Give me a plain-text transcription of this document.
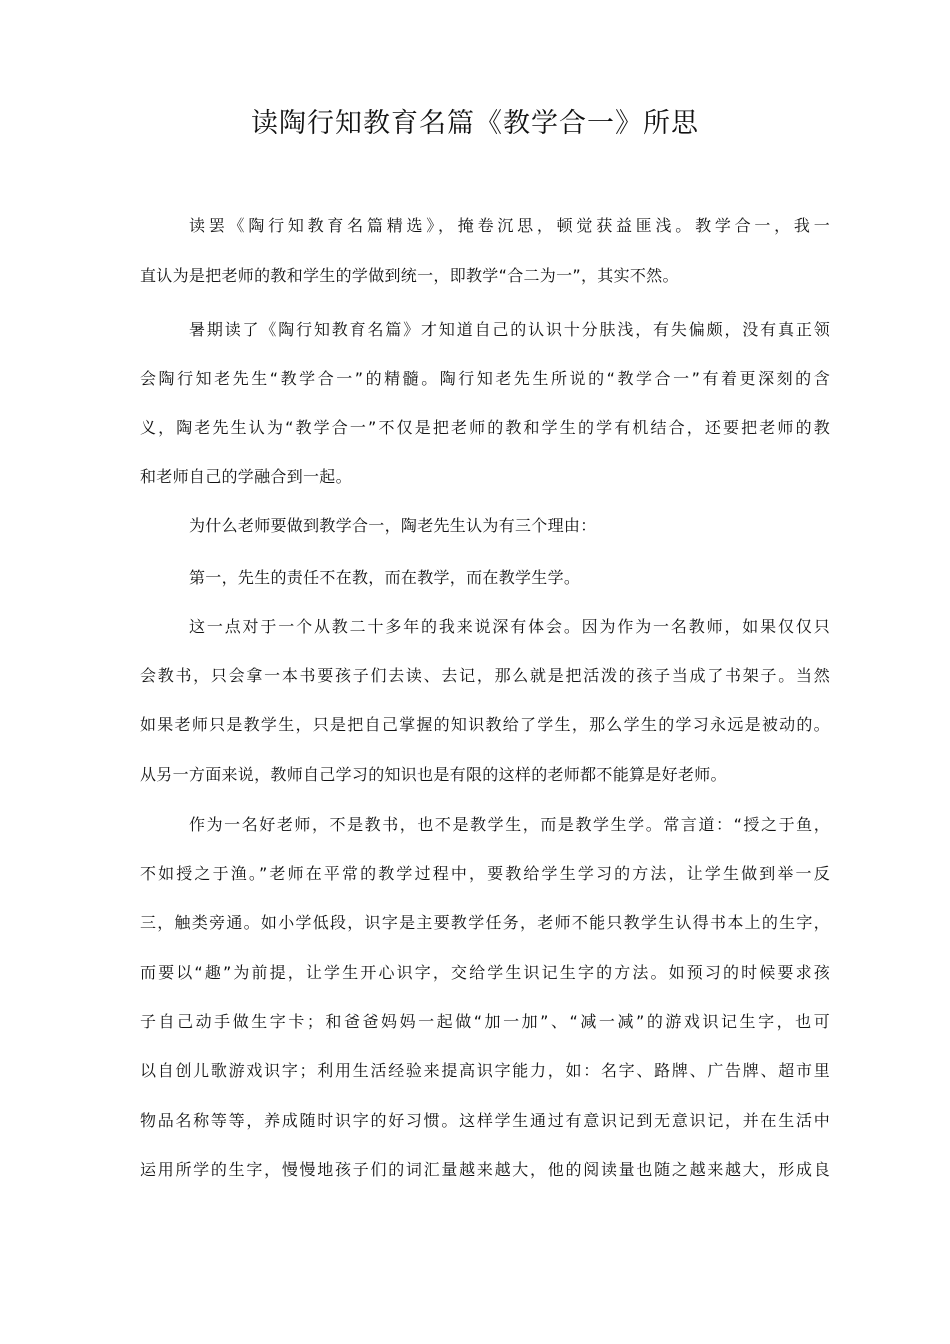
读陶行知教育名篇《教学合一》所思
读罢《陶行知教育名篇精选》，掩卷沉思，顿觉获益匪浅。教学合一，我一
直认为是把老师的教和学生的学做到统一，即教学“合二为一”，其实不然。
暑期读了《陶行知教育名篇》才知道自己的认识十分肤浅，有失偏颇，没有真正领
会陶行知老先生“教学合一”的精髓。陶行知老先生所说的“教学合一”有着更深刻的含
义，陶老先生认为“教学合一”不仅是把老师的教和学生的学有机结合，还要把老师的教
和老师自己的学融合到一起。
为什么老师要做到教学合一，陶老先生认为有三个理由：
第一，先生的责任不在教，而在教学，而在教学生学。
这一点对于一个从教二十多年的我来说深有体会。因为作为一名教师，如果仅仅只
会教书，只会拿一本书要孩子们去读、去记，那么就是把活泼的孩子当成了书架子。当然
如果老师只是教学生，只是把自己掌握的知识教给了学生，那么学生的学习永远是被动的。
从另一方面来说，教师自己学习的知识也是有限的这样的老师都不能算是好老师。
作为一名好老师，不是教书，也不是教学生，而是教学生学。常言道：“授之于鱼，
不如授之于渔。”老师在平常的教学过程中，要教给学生学习的方法，让学生做到举一反
三，触类旁通。如小学低段，识字是主要教学任务，老师不能只教学生认得书本上的生字，
而要以“趣”为前提，让学生开心识字，交给学生识记生字的方法。如预习的时候要求孩
子自己动手做生字卡；和爸爸妈妈一起做“加一加”、“减一减”的游戏识记生字，也可
以自创儿歌游戏识字；利用生活经验来提高识字能力，如：名字、路牌、广告牌、超市里
物品名称等等，养成随时识字的好习惯。这样学生通过有意识记到无意识记，并在生活中
运用所学的生字，慢慢地孩子们的词汇量越来越大，他的阅读量也随之越来越大，形成良
